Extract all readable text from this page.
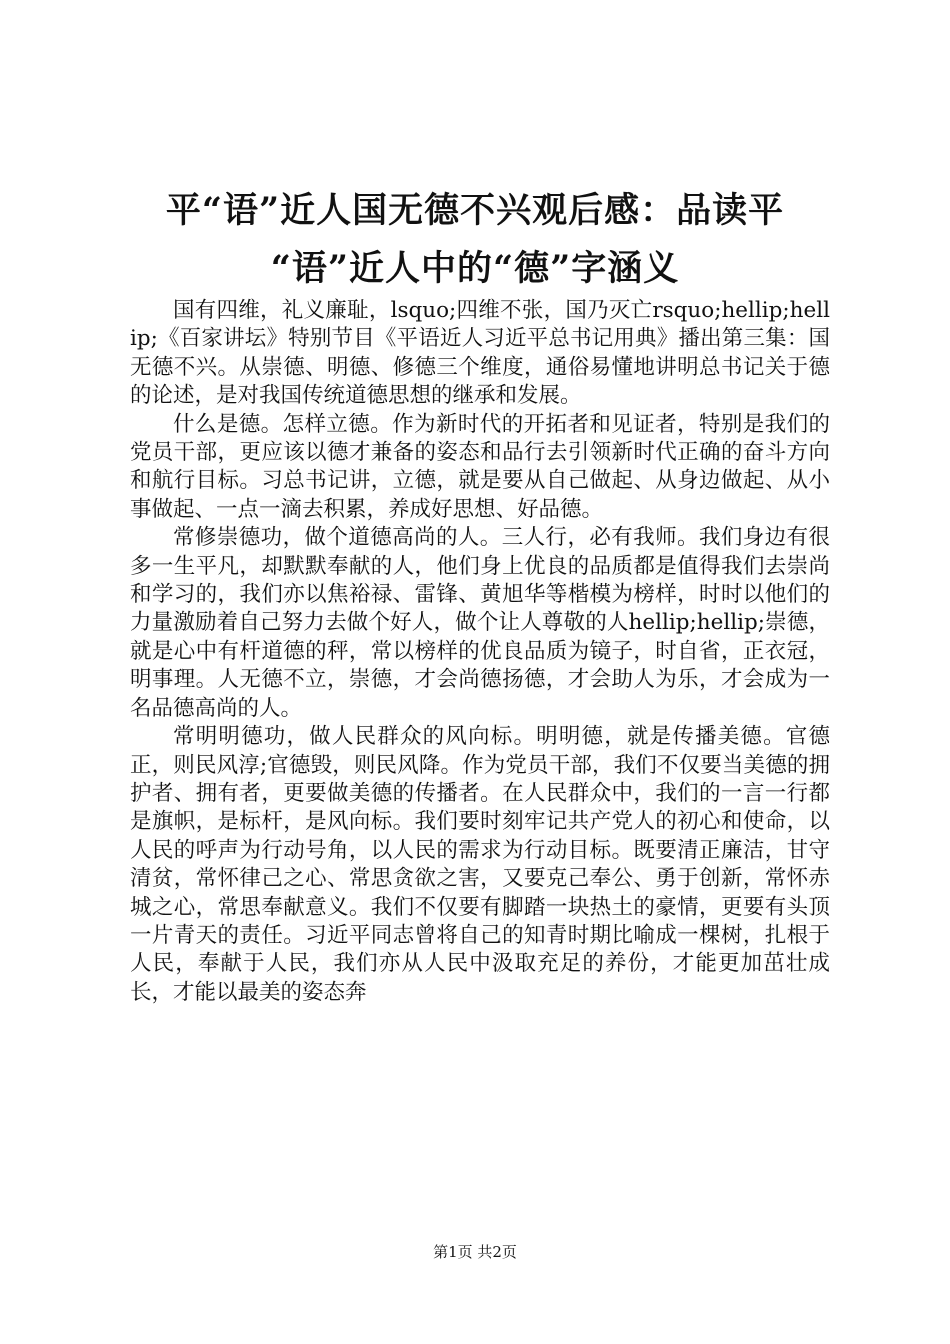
平“语”近人国无德不兴观后感：品读平
“语”近人中的“德”字涵义

国有四维，礼义廉耻，lsquo;四维不张，国乃灭亡rsquo;hellip;hellip;《百家讲坛》特别节目《平语近人习近平总书记用典》播出第三集：国无德不兴。从崇德、明德、修德三个维度，通俗易懂地讲明总书记关于德的论述，是对我国传统道德思想的继承和发展。

什么是德。怎样立德。作为新时代的开拓者和见证者，特别是我们的党员干部，更应该以德才兼备的姿态和品行去引领新时代正确的奋斗方向和航行目标。习总书记讲，立德，就是要从自己做起、从身边做起、从小事做起、一点一滴去积累，养成好思想、好品德。

常修崇德功，做个道德高尚的人。三人行，必有我师。我们身边有很多一生平凡，却默默奉献的人，他们身上优良的品质都是值得我们去崇尚和学习的，我们亦以焦裕禄、雷锋、黄旭华等楷模为榜样，时时以他们的力量激励着自己努力去做个好人，做个让人尊敬的人hellip;hellip;崇德，就是心中有杆道德的秤，常以榜样的优良品质为镜子，时自省，正衣冠，明事理。人无德不立，崇德，才会尚德扬德，才会助人为乐，才会成为一名品德高尚的人。

常明明德功，做人民群众的风向标。明明德，就是传播美德。官德正，则民风淳;官德毁，则民风降。作为党员干部，我们不仅要当美德的拥护者、拥有者，更要做美德的传播者。在人民群众中，我们的一言一行都是旗帜，是标杆，是风向标。我们要时刻牢记共产党人的初心和使命，以人民的呼声为行动号角，以人民的需求为行动目标。既要清正廉洁，甘守清贫，常怀律己之心、常思贪欲之害，又要克己奉公、勇于创新，常怀赤城之心，常思奉献意义。我们不仅要有脚踏一块热土的豪情，更要有头顶一片青天的责任。习近平同志曾将自己的知青时期比喻成一棵树，扎根于人民，奉献于人民，我们亦从人民中汲取充足的养份，才能更加茁壮成长，才能以最美的姿态奔

第1页 共2页
